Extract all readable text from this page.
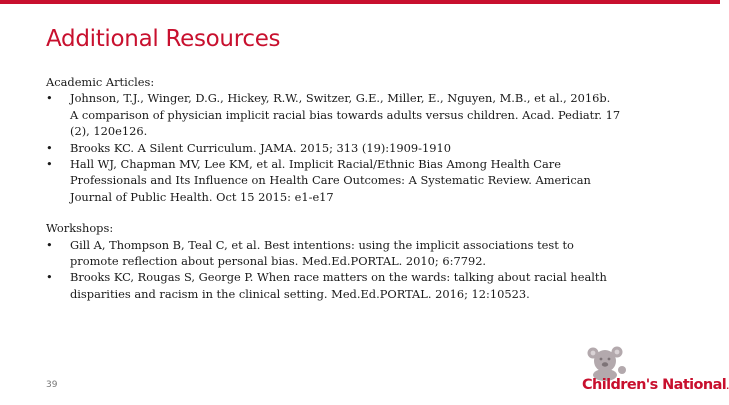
Additional Resources
Academic Articles:
•	Johnson, T.J., Winger, D.G., Hickey, R.W., Switzer, G.E., Miller, E., Nguyen, M.B., et al., 2016b.
A comparison of physician implicit racial bias towards adults versus children. Acad. Pediatr. 17
(2), 120e126.
•	Brooks KC. A Silent Curriculum. JAMA. 2015; 313 (19):1909-1910
•	Hall WJ, Chapman MV, Lee KM, et al. Implicit Racial/Ethnic Bias Among Health Care
Professionals and Its Influence on Health Care Outcomes: A Systematic Review. American
Journal of Public Health. Oct 15 2015: e1-e17
Workshops:
•	Gill A, Thompson B, Teal C, et al. Best intentions: using the implicit associations test to
promote reflection about personal bias. Med.Ed.PORTAL. 2010; 6:7792.
•	Brooks KC, Rougas S, George P. When race matters on the wards: talking about racial health
disparities and racism in the clinical setting. Med.Ed.PORTAL. 2016; 12:10523.
39	Children's National.
